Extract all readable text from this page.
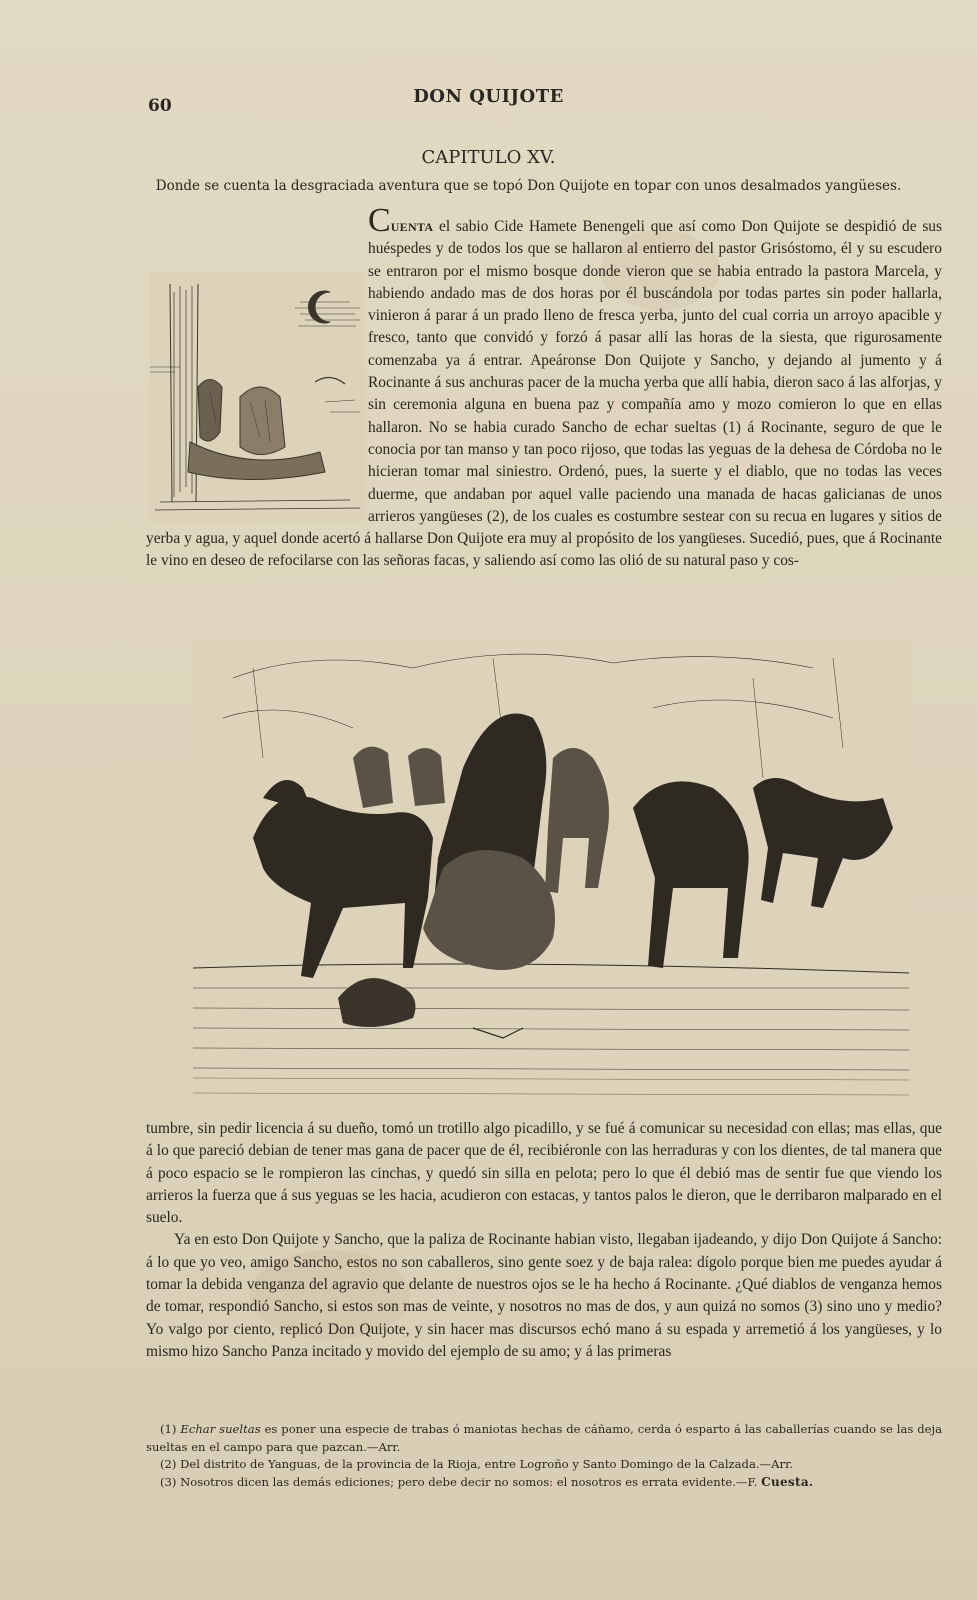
60	DON QUIJOTE
CAPITULO XV.
Donde se cuenta la desgraciada aventura que se topó Don Quijote en topar con unos desalmados yangüeses.

CUENTA el sabio Cide Hamete Benengeli que así como Don Quijote se despidió de sus huéspedes y de todos los que se hallaron al entierro del pastor Grisóstomo, él y su escudero se entraron por el mismo bosque donde vieron que se habia entrado la pastora Marcela, y habiendo andado mas de dos horas por él buscándola por todas partes sin poder hallarla, vinieron á parar á un prado lleno de fresca yerba, junto del cual corria un arroyo apacible y fresco, tanto que convidó y forzó á pasar allí las horas de la siesta, que rigurosamente comenzaba ya á entrar. Apeáronse Don Quijote y Sancho, y dejando al jumento y á Rocinante á sus anchuras pacer de la mucha yerba que allí habia, dieron saco á las alforjas, y sin ceremonia alguna en buena paz y compañía amo y mozo comieron lo que en ellas hallaron. No se habia curado Sancho de echar sueltas (1) á Rocinante, seguro de que le conocia por tan manso y tan poco rijoso, que todas las yeguas de la dehesa de Córdoba no le hicieran tomar mal siniestro. Ordenó, pues, la suerte y el diablo, que no todas las veces duerme, que andaban por aquel valle paciendo una manada de hacas galicianas de unos arrieros yangüeses (2), de los cuales es costumbre sestear con su recua en lugares y sitios de yerba y agua, y aquel donde acertó á hallarse Don Quijote era muy al propósito de los yangüeses. Sucedió, pues, que á Rocinante le vino en deseo de refocilarse con las señoras facas, y saliendo así como las olió de su natural paso y cos-

tumbre, sin pedir licencia á su dueño, tomó un trotillo algo picadillo, y se fué á comunicar su necesidad con ellas; mas ellas, que á lo que pareció debian de tener mas gana de pacer que de él, recibiéronle con las herraduras y con los dientes, de tal manera que á poco espacio se le rompieron las cinchas, y quedó sin silla en pelota; pero lo que él debió mas de sentir fue que viendo los arrieros la fuerza que á sus yeguas se les hacia, acudieron con estacas, y tantos palos le dieron, que le derribaron malparado en el suelo.

Ya en esto Don Quijote y Sancho, que la paliza de Rocinante habian visto, llegaban ijadeando, y dijo Don Quijote á Sancho: á lo que yo veo, amigo Sancho, estos no son caballeros, sino gente soez y de baja ralea: dígolo porque bien me puedes ayudar á tomar la debida venganza del agravio que delante de nuestros ojos se le ha hecho á Rocinante. ¿Qué diablos de venganza hemos de tomar, respondió Sancho, si estos son mas de veinte, y nosotros no mas de dos, y aun quizá no somos (3) sino uno y medio? Yo valgo por ciento, replicó Don Quijote, y sin hacer mas discursos echó mano á su espada y arremetió á los yangüeses, y lo mismo hizo Sancho Panza incitado y movido del ejemplo de su amo; y á las primeras

(1) Echar sueltas es poner una especie de trabas ó maniotas hechas de cáñamo, cerda ó esparto á las caballerías cuando se las deja sueltas en el campo para que pazcan.—Arr.

(2) Del distrito de Yanguas, de la provincia de la Rioja, entre Logroño y Santo Domingo de la Calzada.—Arr.

(3) Nosotros dicen las demás ediciones; pero debe decir no somos: el nosotros es errata evidente.—F. Cuesta.
